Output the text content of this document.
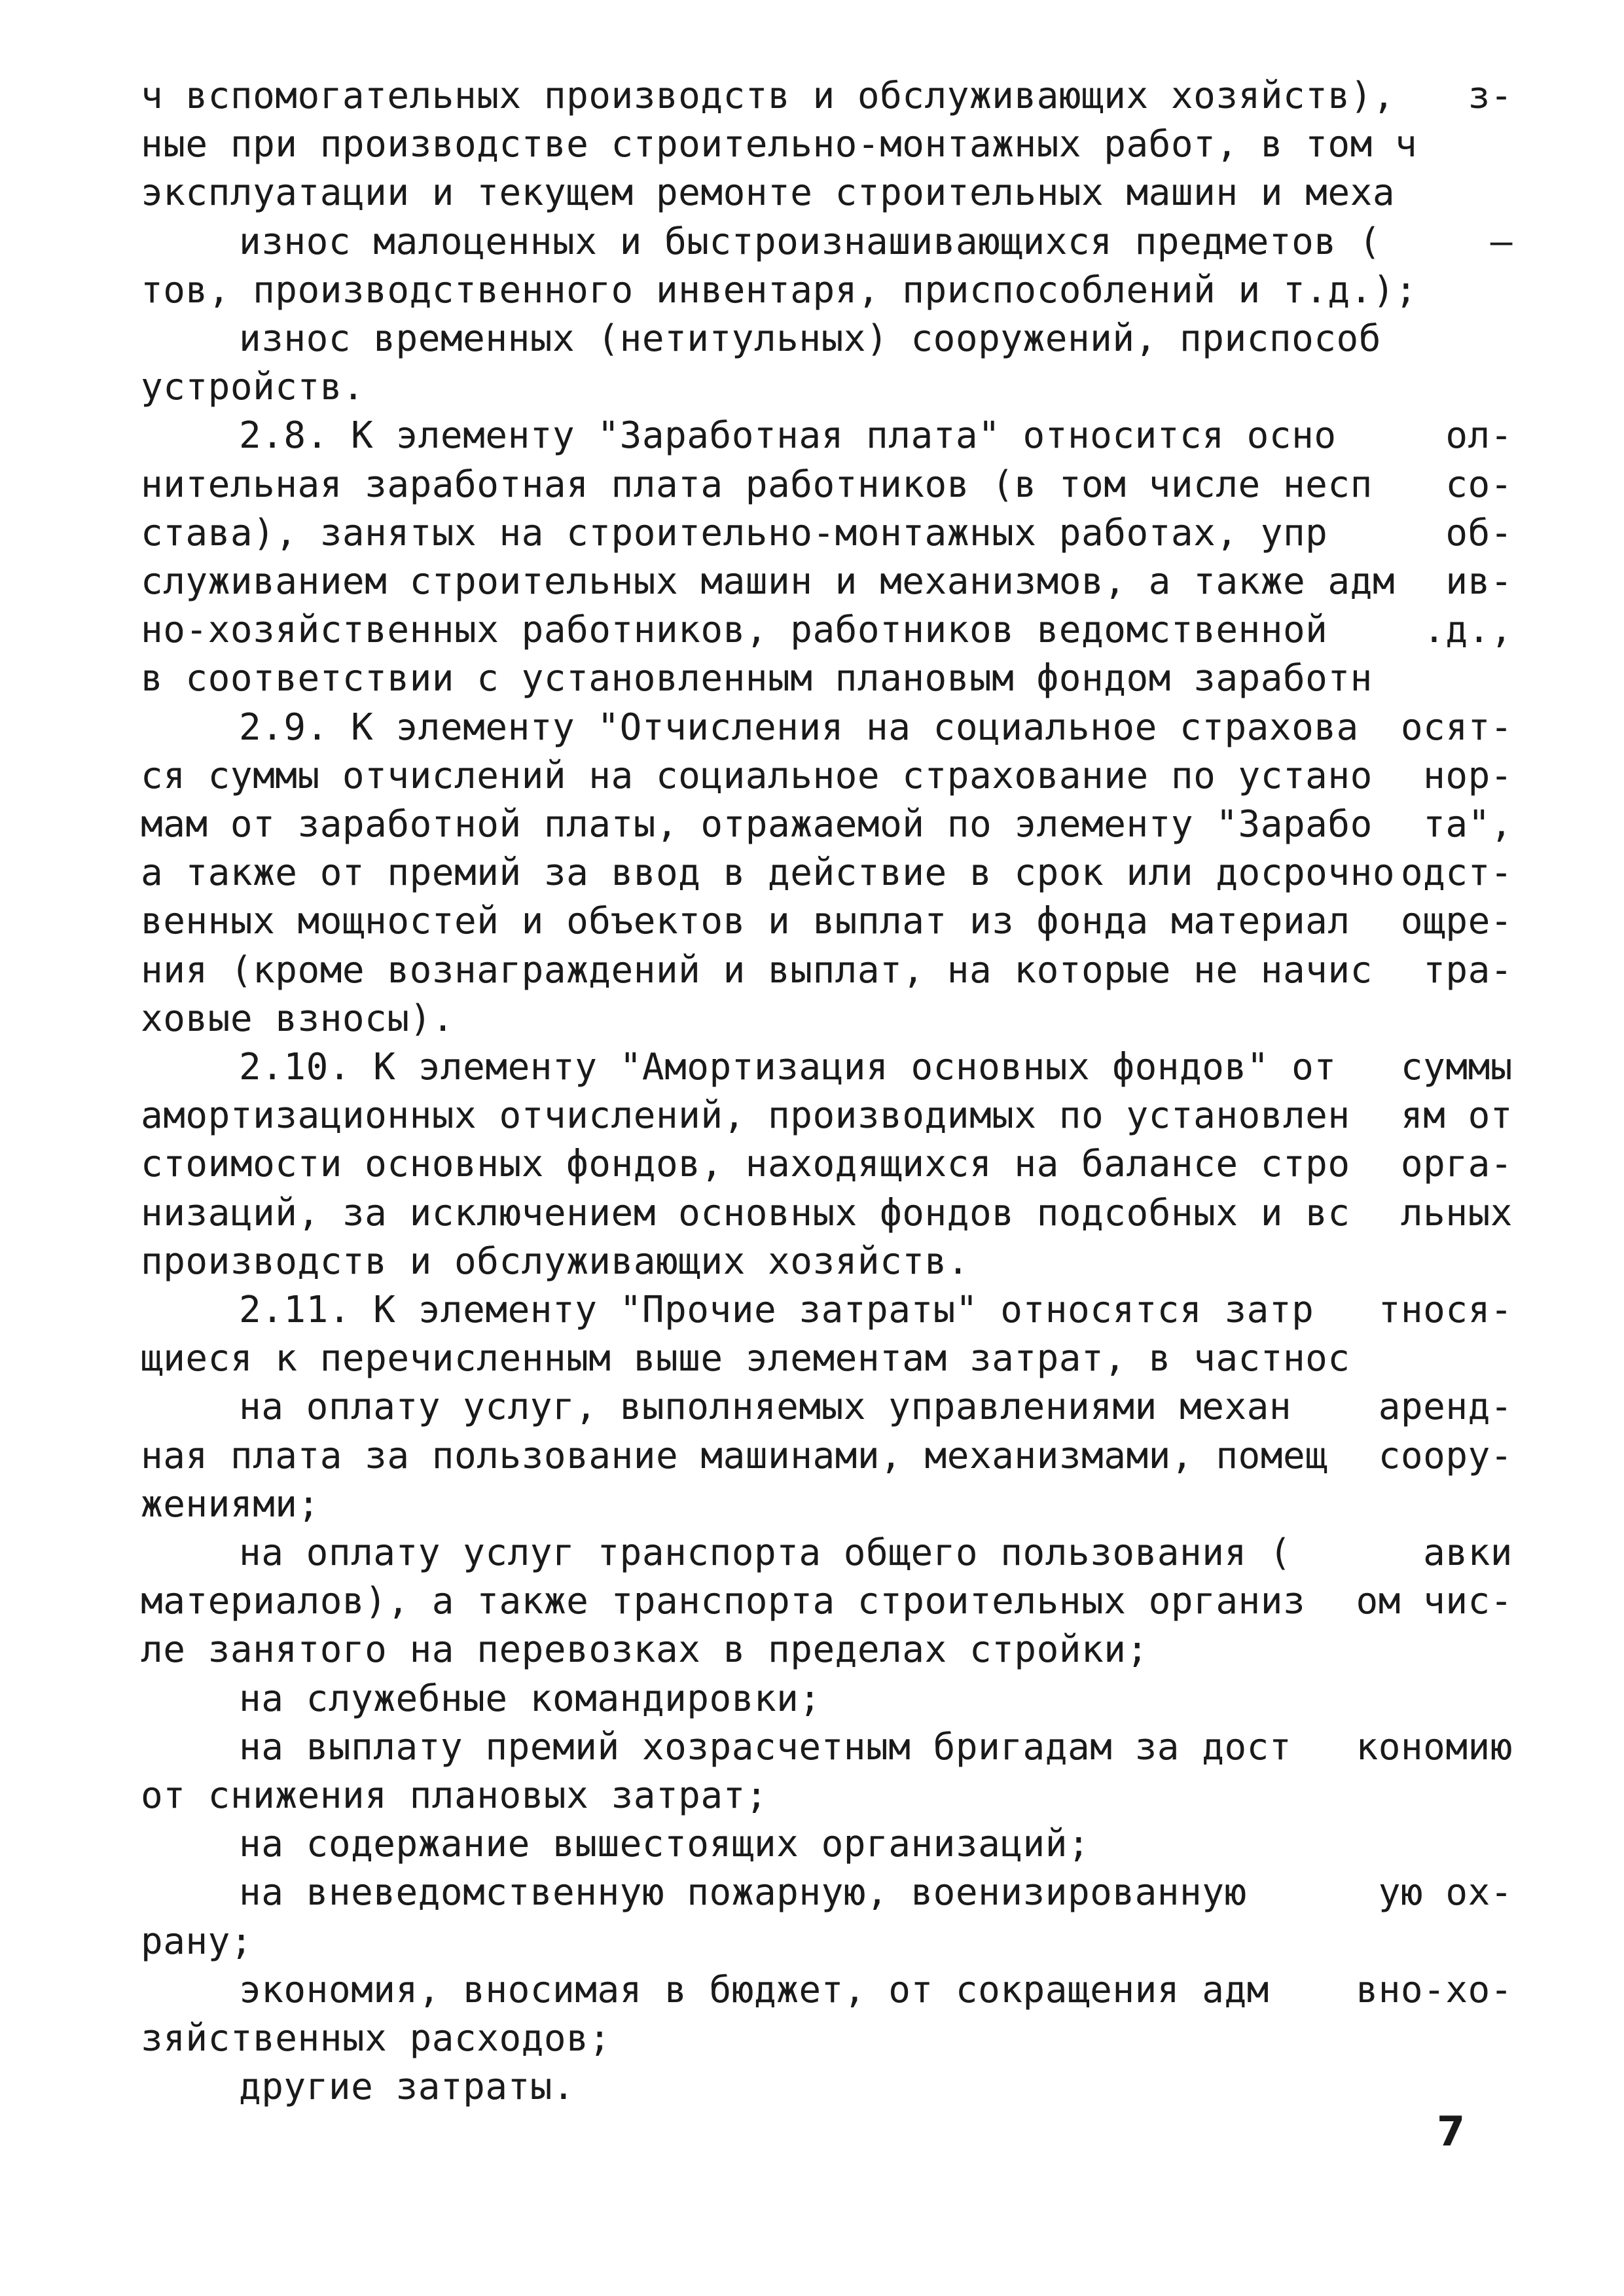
ч вспомогательных производств и обслуживающих хозяйств), з-
ные при производстве строительно-монтажных работ, в том ч
эксплуатации и текущем ремонте строительных машин и меха
износ малоценных и быстроизнашивающихся предметов (	–
тов, производственного инвентаря, приспособлений и т.д.);
износ временных (нетитульных) сооружений, приспособ
устройств.
2.8. К элементу "Заработная плата" относится осно	ол-
нительная заработная плата работников (в том числе несп со-
става), занятых на строительно-монтажных работах, упр	об-
служиванием строительных машин и механизмов, а также адм ив-
но-хозяйственных работников, работников ведомственной	.д.,
в соответствии с установленным плановым фондом заработн
2.9. К элементу "Отчисления на социальное страхова осят-
ся суммы отчислений на социальное страхование по устано нор-
мам от заработной платы, отражаемой по элементу "Зарабо та",
а также от премий за ввод в действие в срок или досрочно одст-
венных мощностей и объектов и выплат из фонда материал ощре-
ния (кроме вознаграждений и выплат, на которые не начис тра-
ховые взносы).
2.10. К элементу "Амортизация основных фондов" от суммы
амортизационных отчислений, производимых по установлен ям от
стоимости основных фондов, находящихся на балансе стро орга-
низаций, за исключением основных фондов подсобных и вс льных
производств и обслуживающих хозяйств.
2.11. К элементу "Прочие затраты" относятся затр тнося-
щиеся к перечисленным выше элементам затрат, в частнос
на оплату услуг, выполняемых управлениями механ аренд-
ная плата за пользование машинами, механизмами, помещ соору-
жениями;
на оплату услуг транспорта общего пользования (	авки
материалов), а также транспорта строительных организ ом чис-
ле занятого на перевозках в пределах стройки;
на служебные командировки;
на выплату премий хозрасчетным бригадам за дост кономию
от снижения плановых затрат;
на содержание вышестоящих организаций;
на вневедомственную пожарную, военизированную	ую ох-
рану;
экономия, вносимая в бюджет, от сокращения адм вно-хо-
зяйственных расходов;
другие затраты.
7
